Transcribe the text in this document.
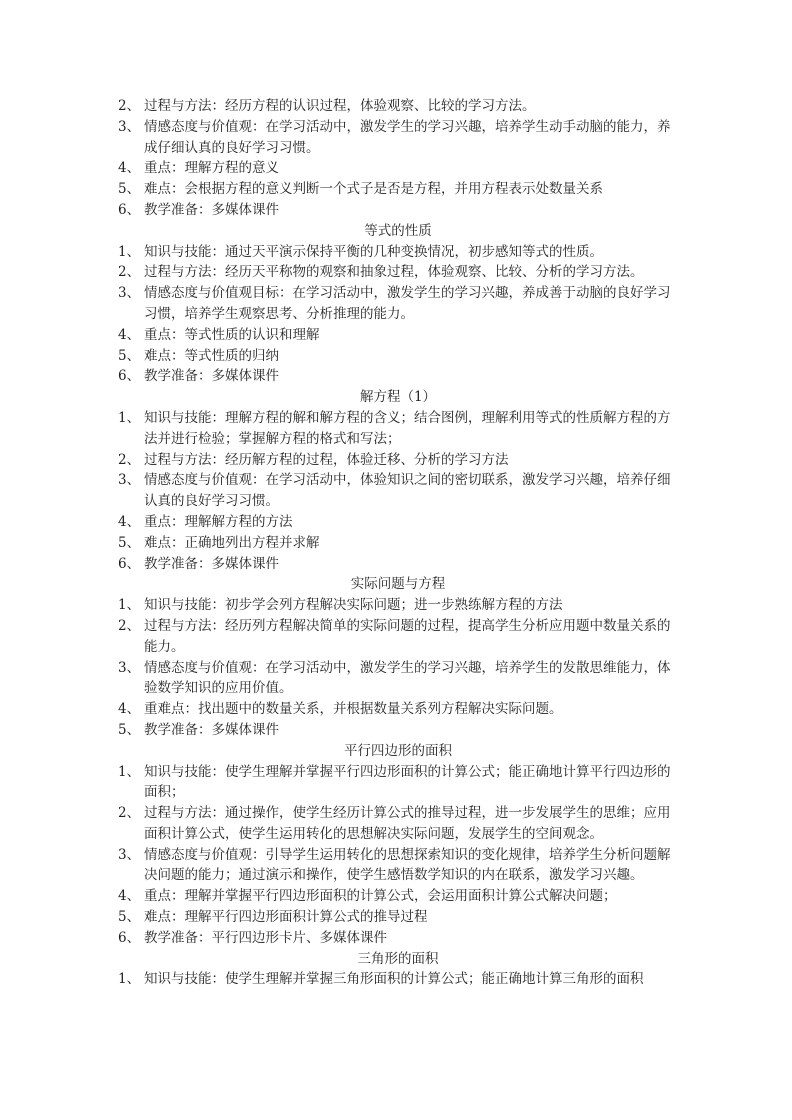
2、 过程与方法：经历方程的认识过程，体验观察、比较的学习方法。
3、 情感态度与价值观：在学习活动中，激发学生的学习兴趣，培养学生动手动脑的能力，养成仔细认真的良好学习习惯。
4、 重点：理解方程的意义
5、 难点：会根据方程的意义判断一个式子是否是方程，并用方程表示处数量关系
6、 教学准备：多媒体课件
等式的性质
1、 知识与技能：通过天平演示保持平衡的几种变换情况，初步感知等式的性质。
2、 过程与方法：经历天平称物的观察和抽象过程，体验观察、比较、分析的学习方法。
3、 情感态度与价值观目标：在学习活动中，激发学生的学习兴趣，养成善于动脑的良好学习习惯，培养学生观察思考、分析推理的能力。
4、 重点：等式性质的认识和理解
5、 难点：等式性质的归纳
6、 教学准备：多媒体课件
解方程（1）
1、 知识与技能：理解方程的解和解方程的含义；结合图例，理解利用等式的性质解方程的方法并进行检验；掌握解方程的格式和写法；
2、 过程与方法：经历解方程的过程，体验迁移、分析的学习方法
3、 情感态度与价值观：在学习活动中，体验知识之间的密切联系，激发学习兴趣，培养仔细认真的良好学习习惯。
4、 重点：理解解方程的方法
5、 难点：正确地列出方程并求解
6、 教学准备：多媒体课件
实际问题与方程
1、 知识与技能：初步学会列方程解决实际问题；进一步熟练解方程的方法
2、 过程与方法：经历列方程解决简单的实际问题的过程，提高学生分析应用题中数量关系的能力。
3、 情感态度与价值观：在学习活动中，激发学生的学习兴趣，培养学生的发散思维能力，体验数学知识的应用价值。
4、 重难点：找出题中的数量关系，并根据数量关系列方程解决实际问题。
5、 教学准备：多媒体课件
平行四边形的面积
1、 知识与技能：使学生理解并掌握平行四边形面积的计算公式；能正确地计算平行四边形的面积；
2、 过程与方法：通过操作，使学生经历计算公式的推导过程，进一步发展学生的思维；应用面积计算公式，使学生运用转化的思想解决实际问题，发展学生的空间观念。
3、 情感态度与价值观：引导学生运用转化的思想探索知识的变化规律，培养学生分析问题解决问题的能力；通过演示和操作，使学生感悟数学知识的内在联系，激发学习兴趣。
4、 重点：理解并掌握平行四边形面积的计算公式，会运用面积计算公式解决问题；
5、 难点：理解平行四边形面积计算公式的推导过程
6、 教学准备：平行四边形卡片、多媒体课件
三角形的面积
1、 知识与技能：使学生理解并掌握三角形面积的计算公式；能正确地计算三角形的面积
